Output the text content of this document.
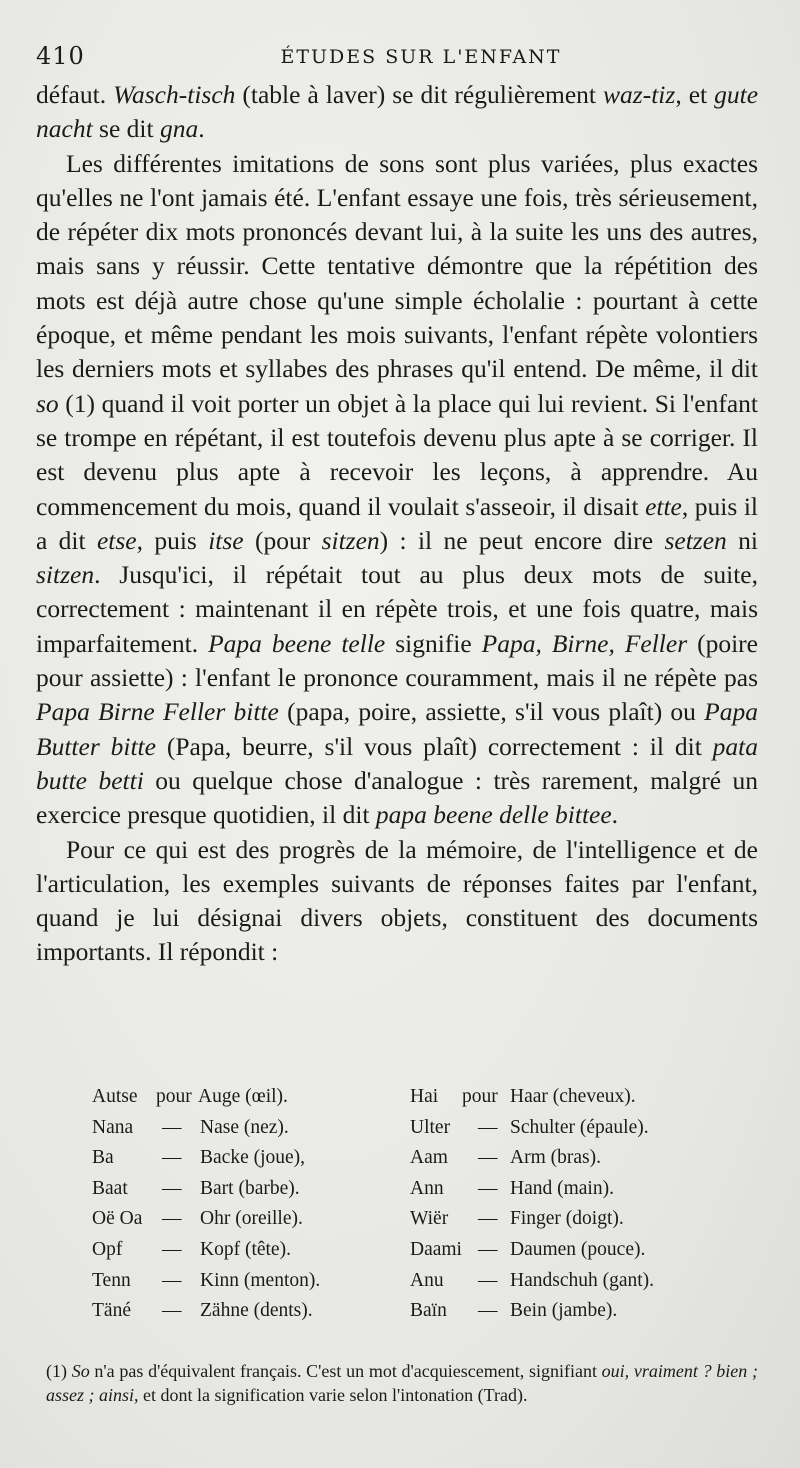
410	ÉTUDES SUR L'ENFANT

défaut. Wasch-tisch (table à laver) se dit régulièrement waz-tiz, et gute nacht se dit gna.

Les différentes imitations de sons sont plus variées, plus exactes qu'elles ne l'ont jamais été. L'enfant essaye une fois, très sérieusement, de répéter dix mots prononcés devant lui, à la suite les uns des autres, mais sans y réussir. Cette tentative démontre que la répétition des mots est déjà autre chose qu'une simple écholalie : pourtant à cette époque, et même pendant les mois suivants, l'enfant répète volontiers les derniers mots et syllabes des phrases qu'il entend. De même, il dit so (1) quand il voit porter un objet à la place qui lui revient. Si l'enfant se trompe en répétant, il est toutefois devenu plus apte à se corriger. Il est devenu plus apte à recevoir les leçons, à apprendre. Au commencement du mois, quand il voulait s'asseoir, il disait ette, puis il a dit etse, puis itse (pour sitzen) : il ne peut encore dire setzen ni sitzen. Jusqu'ici, il répétait tout au plus deux mots de suite, correctement : maintenant il en répète trois, et une fois quatre, mais imparfaitement. Papa beene telle signifie Papa, Birne, Feller (poire pour assiette) : l'enfant le prononce couramment, mais il ne répète pas Papa Birne Feller bitte (papa, poire, assiette, s'il vous plaît) ou Papa Butter bitte (Papa, beurre, s'il vous plaît) correctement : il dit pata butte betti ou quelque chose d'analogue : très rarement, malgré un exercice presque quotidien, il dit papa beene delle bittee.

Pour ce qui est des progrès de la mémoire, de l'intelligence et de l'articulation, les exemples suivants de réponses faites par l'enfant, quand je lui désignai divers objets, constituent des documents importants. Il répondit :

Autse pour Auge (œil).
Nana — Nase (nez).
Ba — Backe (joue),
Baat — Bart (barbe).
Oë Oa — Ohr (oreille).
Opf — Kopf (tête).
Tenn — Kinn (menton).
Täné — Zähne (dents).
Hai pour Haar (cheveux).
Ulter — Schulter (épaule).
Aam — Arm (bras).
Ann — Hand (main).
Wiër — Finger (doigt).
Daami — Daumen (pouce).
Anu — Handschuh (gant).
Baïn — Bein (jambe).
(1) So n'a pas d'équivalent français. C'est un mot d'acquiescement, signifiant oui, vraiment ? bien ; assez ; ainsi, et dont la signification varie selon l'intonation (Trad).
